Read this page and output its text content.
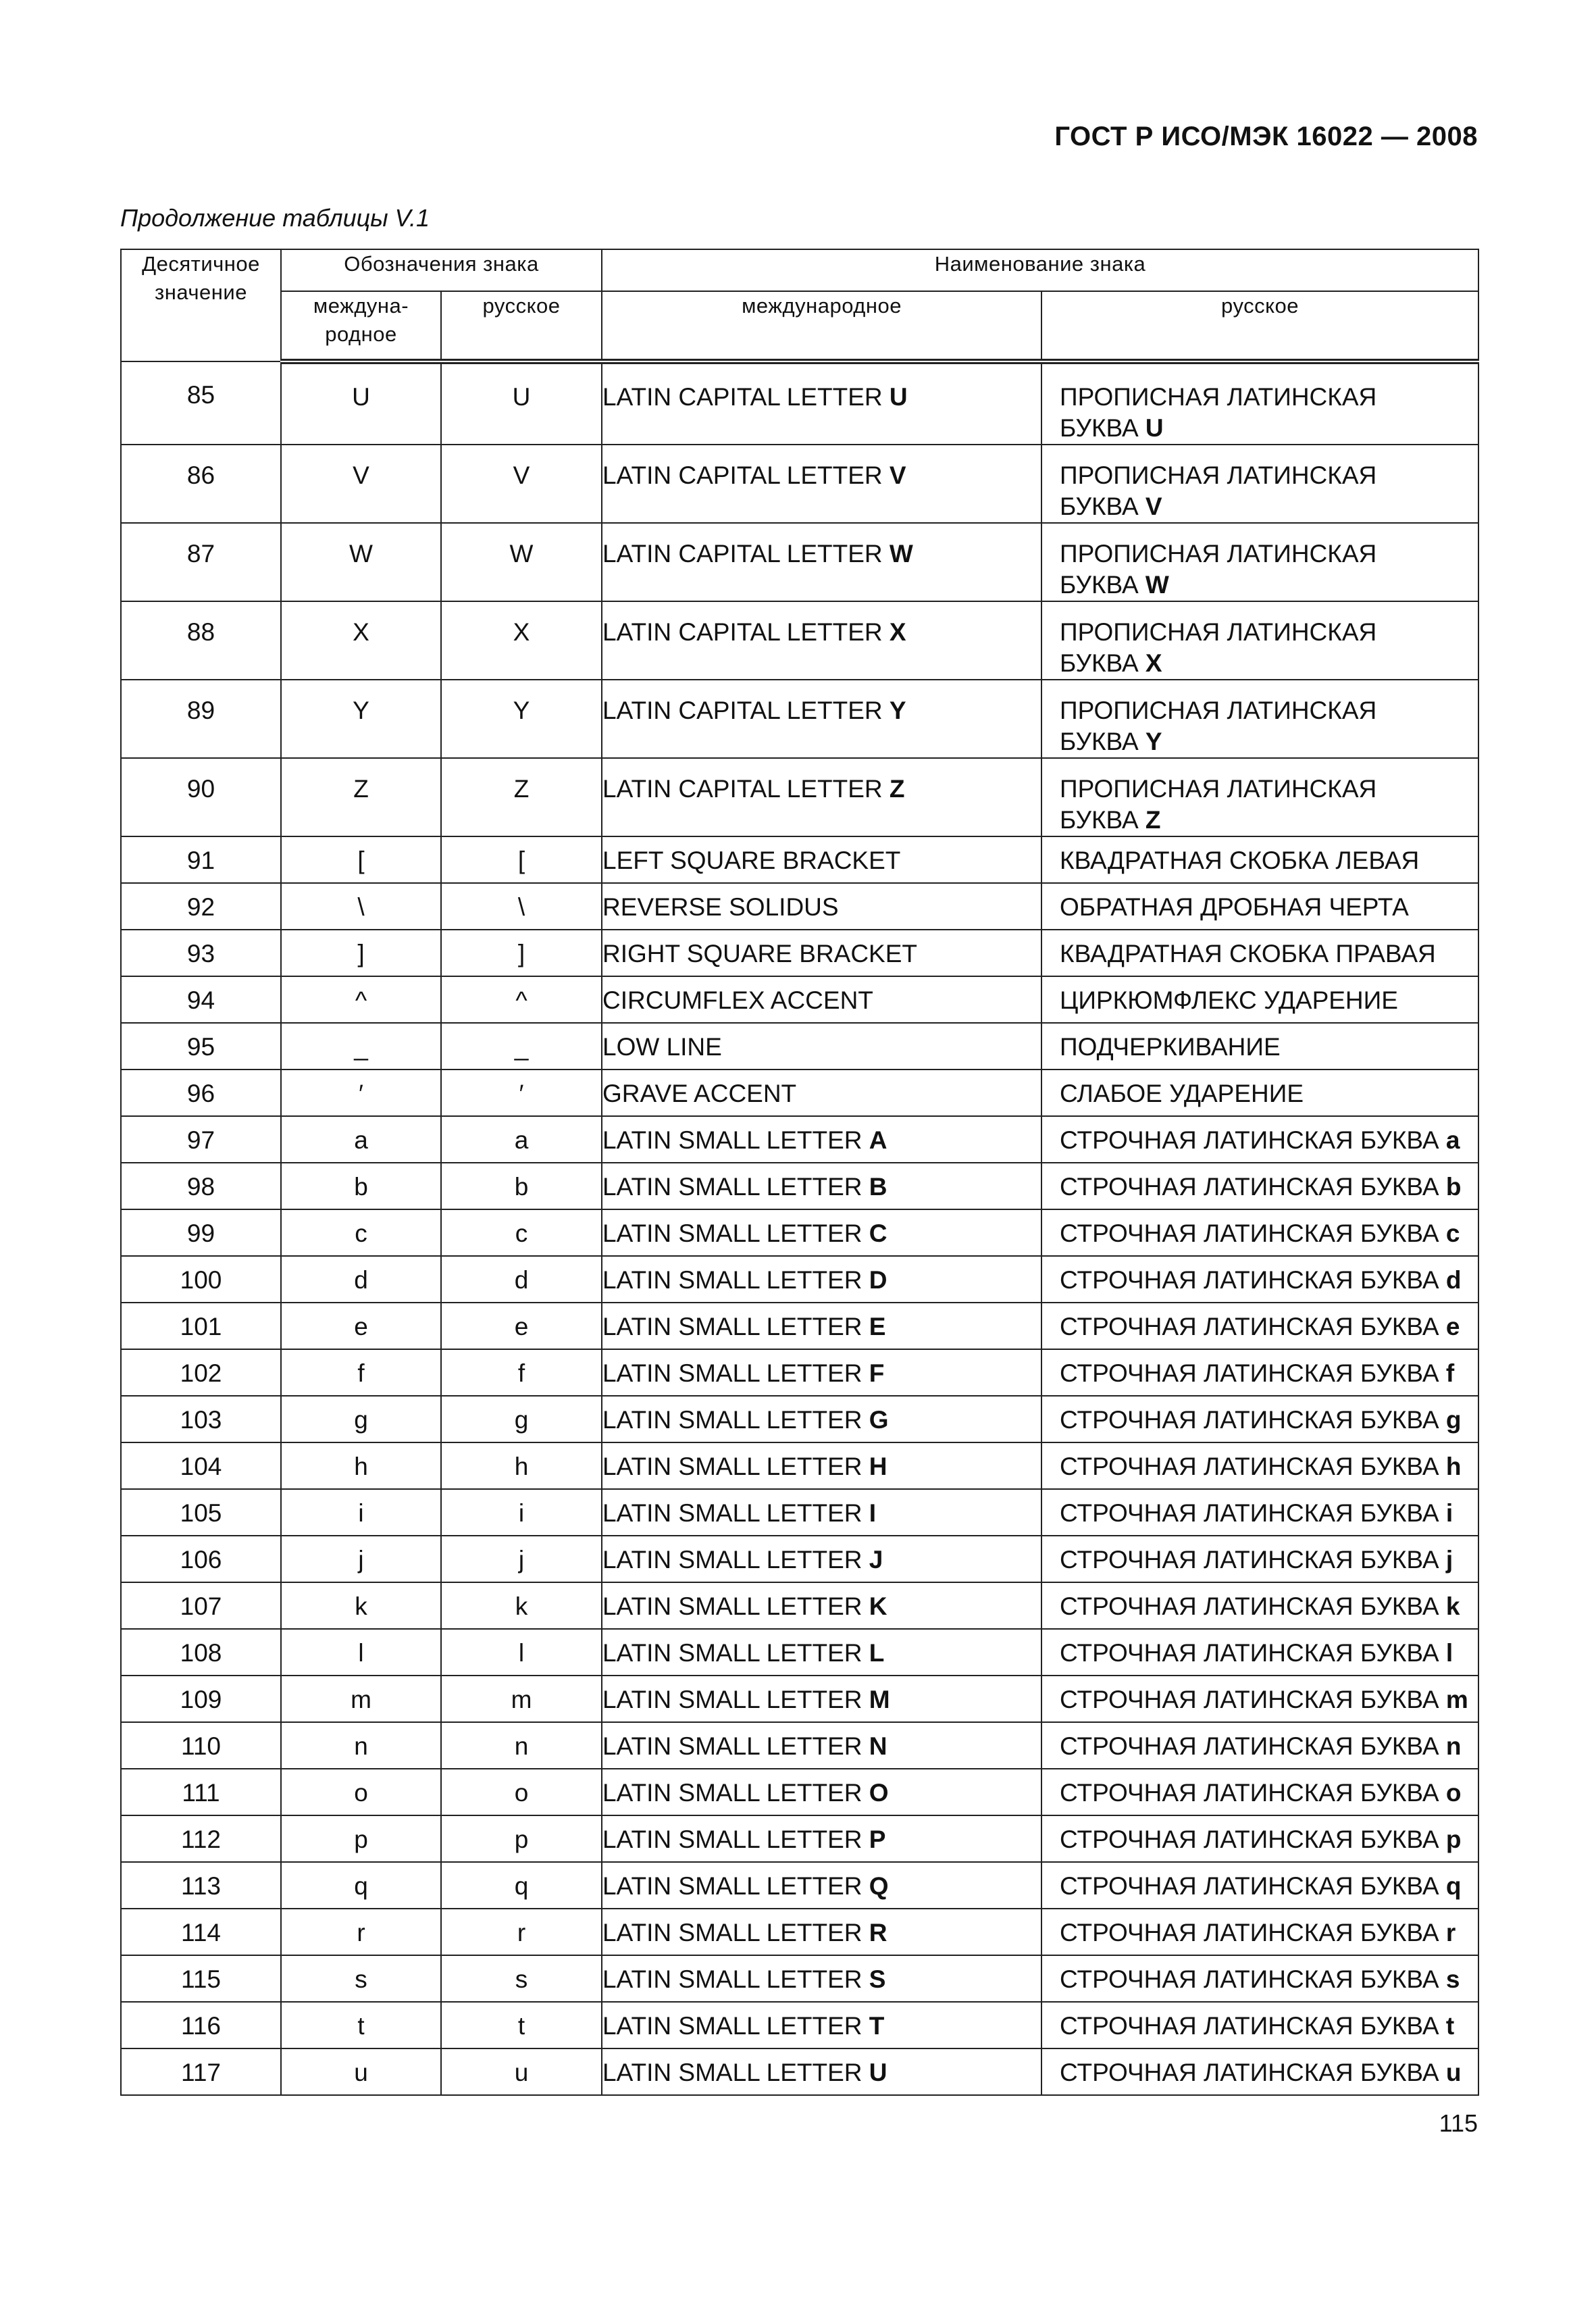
ГОСТ Р ИСО/МЭК 16022 — 2008
Продолжение таблицы V.1
Десятичное значение	Обозначения знака		Наименование знака	
	междуна-родное	русское	международное	русское
85	U	U	LATIN CAPITAL LETTER U	ПРОПИСНАЯ ЛАТИНСКАЯ БУКВА U
86	V	V	LATIN CAPITAL LETTER V	ПРОПИСНАЯ ЛАТИНСКАЯ БУКВА V
87	W	W	LATIN CAPITAL LETTER W	ПРОПИСНАЯ ЛАТИНСКАЯ БУКВА W
88	X	X	LATIN CAPITAL LETTER X	ПРОПИСНАЯ ЛАТИНСКАЯ БУКВА X
89	Y	Y	LATIN CAPITAL LETTER Y	ПРОПИСНАЯ ЛАТИНСКАЯ БУКВА Y
90	Z	Z	LATIN CAPITAL LETTER Z	ПРОПИСНАЯ ЛАТИНСКАЯ БУКВА Z
91	[	[	LEFT SQUARE BRACKET	КВАДРАТНАЯ СКОБКА ЛЕВАЯ
92	\	\	REVERSE SOLIDUS	ОБРАТНАЯ ДРОБНАЯ ЧЕРТА
93	]	]	RIGHT SQUARE BRACKET	КВАДРАТНАЯ СКОБКА ПРАВАЯ
94	^	^	CIRCUMFLEX ACCENT	ЦИРКЮМФЛЕКС УДАРЕНИЕ
95	_	_	LOW LINE	ПОДЧЕРКИВАНИЕ
96	′	′	GRAVE ACCENT	СЛАБОЕ УДАРЕНИЕ
97	a	a	LATIN SMALL LETTER A	СТРОЧНАЯ ЛАТИНСКАЯ БУКВА a
98	b	b	LATIN SMALL LETTER B	СТРОЧНАЯ ЛАТИНСКАЯ БУКВА b
99	c	c	LATIN SMALL LETTER C	СТРОЧНАЯ ЛАТИНСКАЯ БУКВА c
100	d	d	LATIN SMALL LETTER D	СТРОЧНАЯ ЛАТИНСКАЯ БУКВА d
101	e	e	LATIN SMALL LETTER E	СТРОЧНАЯ ЛАТИНСКАЯ БУКВА e
102	f	f	LATIN SMALL LETTER F	СТРОЧНАЯ ЛАТИНСКАЯ БУКВА f
103	g	g	LATIN SMALL LETTER G	СТРОЧНАЯ ЛАТИНСКАЯ БУКВА g
104	h	h	LATIN SMALL LETTER H	СТРОЧНАЯ ЛАТИНСКАЯ БУКВА h
105	i	i	LATIN SMALL LETTER I	СТРОЧНАЯ ЛАТИНСКАЯ БУКВА i
106	j	j	LATIN SMALL LETTER J	СТРОЧНАЯ ЛАТИНСКАЯ БУКВА j
107	k	k	LATIN SMALL LETTER K	СТРОЧНАЯ ЛАТИНСКАЯ БУКВА k
108	l	l	LATIN SMALL LETTER L	СТРОЧНАЯ ЛАТИНСКАЯ БУКВА l
109	m	m	LATIN SMALL LETTER M	СТРОЧНАЯ ЛАТИНСКАЯ БУКВА m
110	n	n	LATIN SMALL LETTER N	СТРОЧНАЯ ЛАТИНСКАЯ БУКВА n
111	o	o	LATIN SMALL LETTER O	СТРОЧНАЯ ЛАТИНСКАЯ БУКВА o
112	p	p	LATIN SMALL LETTER P	СТРОЧНАЯ ЛАТИНСКАЯ БУКВА p
113	q	q	LATIN SMALL LETTER Q	СТРОЧНАЯ ЛАТИНСКАЯ БУКВА q
114	r	r	LATIN SMALL LETTER R	СТРОЧНАЯ ЛАТИНСКАЯ БУКВА r
115	s	s	LATIN SMALL LETTER S	СТРОЧНАЯ ЛАТИНСКАЯ БУКВА s
116	t	t	LATIN SMALL LETTER T	СТРОЧНАЯ ЛАТИНСКАЯ БУКВА t
117	u	u	LATIN SMALL LETTER U	СТРОЧНАЯ ЛАТИНСКАЯ БУКВА u
115
